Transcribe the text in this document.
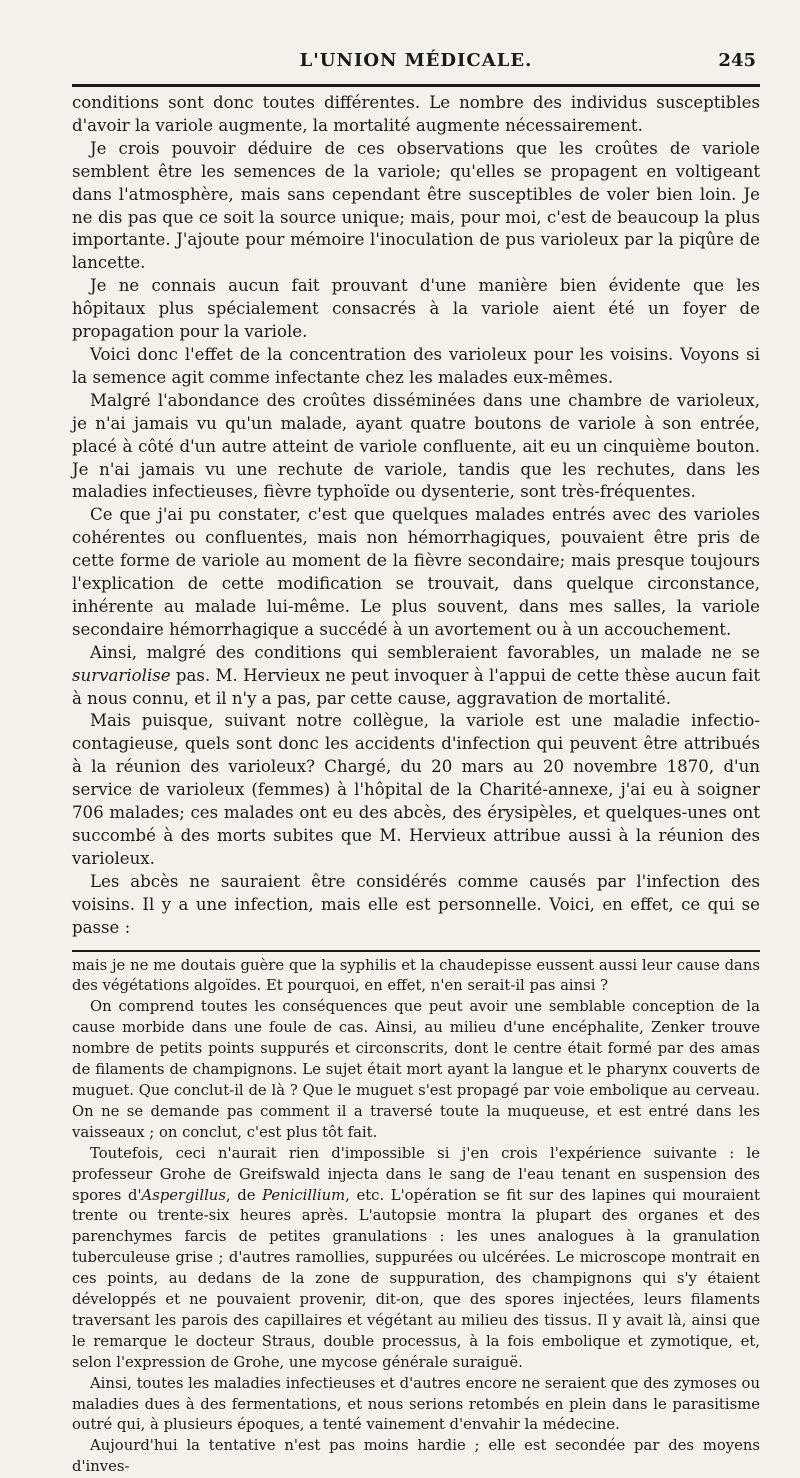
L'UNION MÉDICALE.	245

conditions sont donc toutes différentes. Le nombre des individus susceptibles d'avoir la variole augmente, la mortalité augmente nécessairement.

Je crois pouvoir déduire de ces observations que les croûtes de variole semblent être les semences de la variole; qu'elles se propagent en voltigeant dans l'atmosphère, mais sans cependant être susceptibles de voler bien loin. Je ne dis pas que ce soit la source unique; mais, pour moi, c'est de beaucoup la plus importante. J'ajoute pour mémoire l'inoculation de pus varioleux par la piqûre de lancette.

Je ne connais aucun fait prouvant d'une manière bien évidente que les hôpitaux plus spécialement consacrés à la variole aient été un foyer de propagation pour la variole.

Voici donc l'effet de la concentration des varioleux pour les voisins. Voyons si la semence agit comme infectante chez les malades eux-mêmes.

Malgré l'abondance des croûtes disséminées dans une chambre de varioleux, je n'ai jamais vu qu'un malade, ayant quatre boutons de variole à son entrée, placé à côté d'un autre atteint de variole confluente, ait eu un cinquième bouton. Je n'ai jamais vu une rechute de variole, tandis que les rechutes, dans les maladies infectieuses, fièvre typhoïde ou dysenterie, sont très-fréquentes.

Ce que j'ai pu constater, c'est que quelques malades entrés avec des varioles cohérentes ou confluentes, mais non hémorrhagiques, pouvaient être pris de cette forme de variole au moment de la fièvre secondaire; mais presque toujours l'explication de cette modification se trouvait, dans quelque circonstance, inhérente au malade lui-même. Le plus souvent, dans mes salles, la variole secondaire hémorrhagique a succédé à un avortement ou à un accouchement.

Ainsi, malgré des conditions qui sembleraient favorables, un malade ne se survariolise pas. M. Hervieux ne peut invoquer à l'appui de cette thèse aucun fait à nous connu, et il n'y a pas, par cette cause, aggravation de mortalité.

Mais puisque, suivant notre collègue, la variole est une maladie infectio-contagieuse, quels sont donc les accidents d'infection qui peuvent être attribués à la réunion des varioleux? Chargé, du 20 mars au 20 novembre 1870, d'un service de varioleux (femmes) à l'hôpital de la Charité-annexe, j'ai eu à soigner 706 malades; ces malades ont eu des abcès, des érysipèles, et quelques-unes ont succombé à des morts subites que M. Hervieux attribue aussi à la réunion des varioleux.

Les abcès ne sauraient être considérés comme causés par l'infection des voisins. Il y a une infection, mais elle est personnelle. Voici, en effet, ce qui se passe :

mais je ne me doutais guère que la syphilis et la chaudepisse eussent aussi leur cause dans des végétations algoïdes. Et pourquoi, en effet, n'en serait-il pas ainsi ?

On comprend toutes les conséquences que peut avoir une semblable conception de la cause morbide dans une foule de cas. Ainsi, au milieu d'une encéphalite, Zenker trouve nombre de petits points suppurés et circonscrits, dont le centre était formé par des amas de filaments de champignons. Le sujet était mort ayant la langue et le pharynx couverts de muguet. Que conclut-il de là ? Que le muguet s'est propagé par voie embolique au cerveau. On ne se demande pas comment il a traversé toute la muqueuse, et est entré dans les vaisseaux ; on conclut, c'est plus tôt fait.

Toutefois, ceci n'aurait rien d'impossible si j'en crois l'expérience suivante : le professeur Grohe de Greifswald injecta dans le sang de l'eau tenant en suspension des spores d'Aspergillus, de Penicillium, etc. L'opération se fit sur des lapines qui mouraient trente ou trente-six heures après. L'autopsie montra la plupart des organes et des parenchymes farcis de petites granulations : les unes analogues à la granulation tuberculeuse grise ; d'autres ramollies, suppurées ou ulcérées. Le microscope montrait en ces points, au dedans de la zone de suppuration, des champignons qui s'y étaient développés et ne pouvaient provenir, dit-on, que des spores injectées, leurs filaments traversant les parois des capillaires et végétant au milieu des tissus. Il y avait là, ainsi que le remarque le docteur Straus, double processus, à la fois embolique et zymotique, et, selon l'expression de Grohe, une mycose générale suraiguë.

Ainsi, toutes les maladies infectieuses et d'autres encore ne seraient que des zymoses ou maladies dues à des fermentations, et nous serions retombés en plein dans le parasitisme outré qui, à plusieurs époques, a tenté vainement d'envahir la médecine.

Aujourd'hui la tentative n'est pas moins hardie ; elle est secondée par des moyens d'inves-
